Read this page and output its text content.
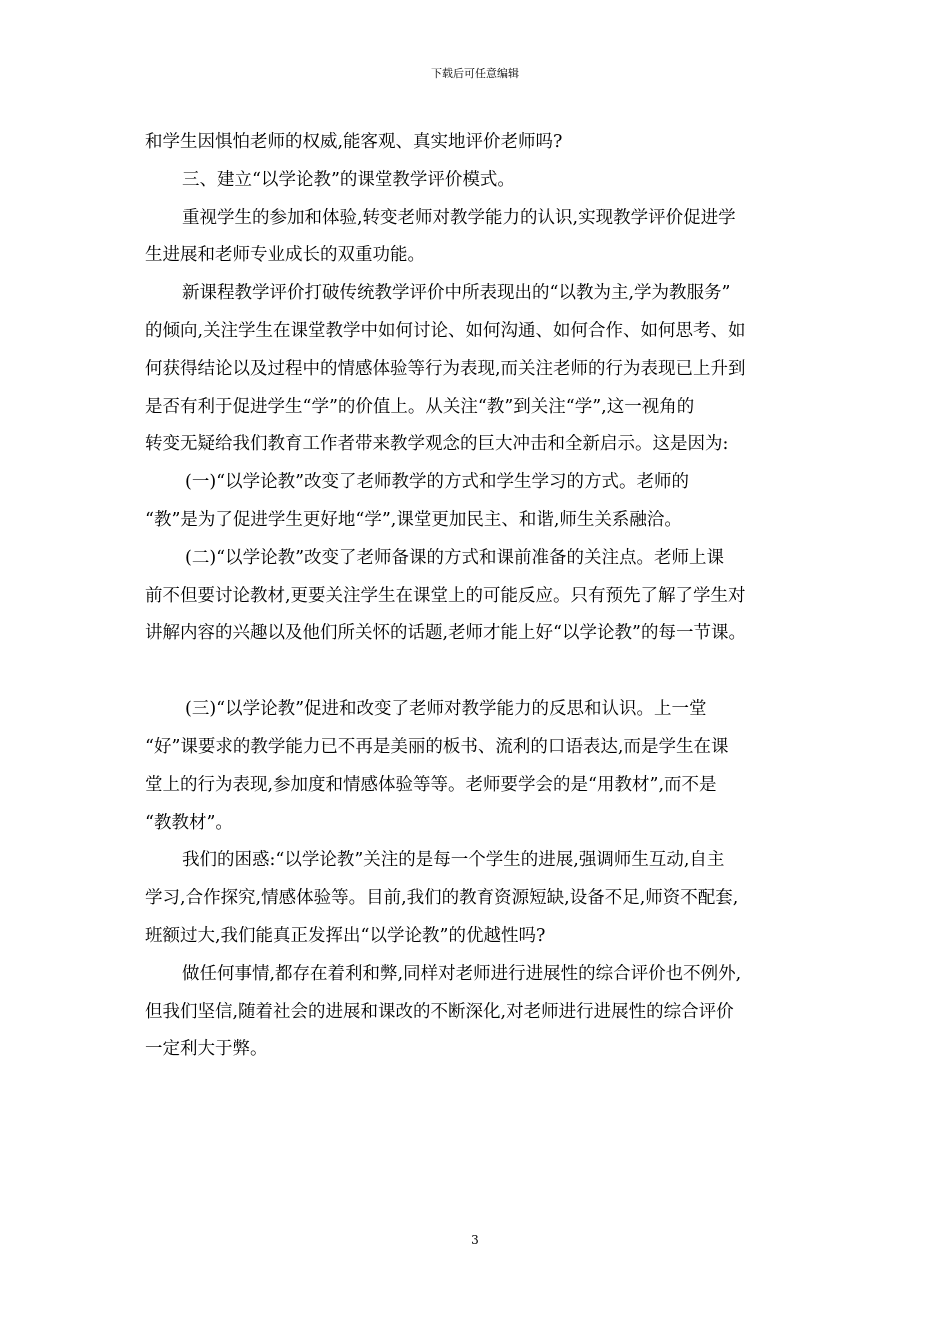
下载后可任意编辑

和学生因惧怕老师的权威,能客观、真实地评价老师吗?

三、建立“以学论教”的课堂教学评价模式。

重视学生的参加和体验,转变老师对教学能力的认识,实现教学评价促进学
生进展和老师专业成长的双重功能。

新课程教学评价打破传统教学评价中所表现出的“以教为主,学为教服务”
的倾向,关注学生在课堂教学中如何讨论、如何沟通、如何合作、如何思考、如
何获得结论以及过程中的情感体验等行为表现,而关注老师的行为表现已上升到
是否有利于促进学生“学”的价值上。从关注“教”到关注“学”,这一视角的
转变无疑给我们教育工作者带来教学观念的巨大冲击和全新启示。这是因为:

(一)“以学论教”改变了老师教学的方式和学生学习的方式。老师的
“教”是为了促进学生更好地“学”,课堂更加民主、和谐,师生关系融洽。

(二)“以学论教”改变了老师备课的方式和课前准备的关注点。老师上课
前不但要讨论教材,更要关注学生在课堂上的可能反应。只有预先了解了学生对
讲解内容的兴趣以及他们所关怀的话题,老师才能上好“以学论教”的每一节课。

(三)“以学论教”促进和改变了老师对教学能力的反思和认识。上一堂
“好”课要求的教学能力已不再是美丽的板书、流利的口语表达,而是学生在课
堂上的行为表现,参加度和情感体验等等。老师要学会的是“用教材”,而不是
“教教材”。

我们的困惑:“以学论教”关注的是每一个学生的进展,强调师生互动,自主
学习,合作探究,情感体验等。目前,我们的教育资源短缺,设备不足,师资不配套,
班额过大,我们能真正发挥出“以学论教”的优越性吗?

做任何事情,都存在着利和弊,同样对老师进行进展性的综合评价也不例外,
但我们坚信,随着社会的进展和课改的不断深化,对老师进行进展性的综合评价
一定利大于弊。

3
